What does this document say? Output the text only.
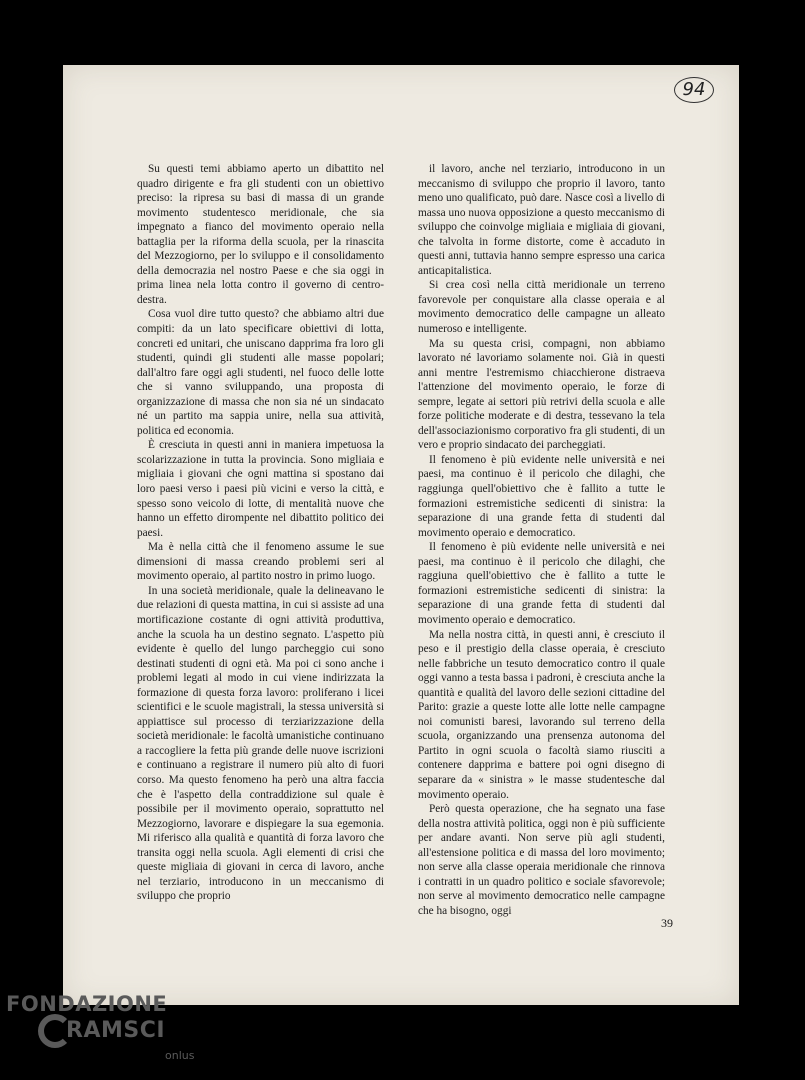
94

Su questi temi abbiamo aperto un dibattito nel quadro dirigente e fra gli studenti con un obiettivo preciso: la ripresa su basi di massa di un grande movimento studentesco meridionale, che sia impegnato a fianco del movimento operaio nella battaglia per la riforma della scuola, per la rinascita del Mezzogiorno, per lo sviluppo e il consolidamento della democrazia nel nostro Paese e che sia oggi in prima linea nela lotta contro il governo di centro-destra.

Cosa vuol dire tutto questo? che abbiamo altri due compiti: da un lato specificare obiettivi di lotta, concreti ed unitari, che uniscano dapprima fra loro gli studenti, quindi gli studenti alle masse popolari; dall'altro fare oggi agli studenti, nel fuoco delle lotte che si vanno sviluppando, una proposta di organizzazione di massa che non sia né un sindacato né un partito ma sappia unire, nella sua attività, politica ed economia.

È cresciuta in questi anni in maniera impetuosa la scolarizzazione in tutta la provincia. Sono migliaia e migliaia i giovani che ogni mattina si spostano dai loro paesi verso i paesi più vicini e verso la città, e spesso sono veicolo di lotte, di mentalità nuove che hanno un effetto dirompente nel dibattito politico dei paesi.

Ma è nella città che il fenomeno assume le sue dimensioni di massa creando problemi seri al movimento operaio, al partito nostro in primo luogo.

In una società meridionale, quale la delineavano le due relazioni di questa mattina, in cui si assiste ad una mortificazione costante di ogni attività produttiva, anche la scuola ha un destino segnato. L'aspetto più evidente è quello del lungo parcheggio cui sono destinati studenti di ogni età. Ma poi ci sono anche i problemi legati al modo in cui viene indirizzata la formazione di questa forza lavoro: proliferano i licei scientifici e le scuole magistrali, la stessa università si appiattisce sul processo di terziarizzazione della società meridionale: le facoltà umanistiche continuano a raccogliere la fetta più grande delle nuove iscrizioni e continuano a registrare il numero più alto di fuori corso. Ma questo fenomeno ha però una altra faccia che è l'aspetto della contraddizione sul quale è possibile per il movimento operaio, soprattutto nel Mezzogiorno, lavorare e dispiegare la sua egemonia. Mi riferisco alla qualità e quantità di forza lavoro che transita oggi nella scuola. Agli elementi di crisi che queste migliaia di giovani in cerca di lavoro, anche nel terziario, introducono in un meccanismo di sviluppo che proprio

il lavoro, anche nel terziario, introducono in un meccanismo di sviluppo che proprio il lavoro, tanto meno uno qualificato, può dare. Nasce così a livello di massa uno nuova opposizione a questo meccanismo di sviluppo che coinvolge migliaia e migliaia di giovani, che talvolta in forme distorte, come è accaduto in questi anni, tuttavia hanno sempre espresso una carica anticapitalistica.

Si crea così nella città meridionale un terreno favorevole per conquistare alla classe operaia e al movimento democratico delle campagne un alleato numeroso e intelligente.

Ma su questa crisi, compagni, non abbiamo lavorato né lavoriamo solamente noi. Già in questi anni mentre l'estremismo chiacchierone distraeva l'attenzione del movimento operaio, le forze di sempre, legate ai settori più retrivi della scuola e alle forze politiche moderate e di destra, tessevano la tela dell'associazionismo corporativo fra gli studenti, di un vero e proprio sindacato dei parcheggiati.

Il fenomeno è più evidente nelle università e nei paesi, ma continuo è il pericolo che dilaghi, che raggiunga quell'obiettivo che è fallito a tutte le formazioni estremistiche sedicenti di sinistra: la separazione di una grande fetta di studenti dal movimento operaio e democratico.

Il fenomeno è più evidente nelle università e nei paesi, ma continuo è il pericolo che dilaghi, che raggiuna quell'obiettivo che è fallito a tutte le formazioni estremistiche sedicenti di sinistra: la separazione di una grande fetta di studenti dal movimento operaio e democratico.

Ma nella nostra città, in questi anni, è cresciuto il peso e il prestigio della classe operaia, è cresciuto nelle fabbriche un tesuto democratico contro il quale oggi vanno a testa bassa i padroni, è cresciuta anche la quantità e qualità del lavoro delle sezioni cittadine del Parito: grazie a queste lotte alle lotte nelle campagne noi comunisti baresi, lavorando sul terreno della scuola, organizzando una prensenza autonoma del Partito in ogni scuola o facoltà siamo riusciti a contenere dapprima e battere poi ogni disegno di separare da « sinistra » le masse studentesche dal movimento operaio.

Però questa operazione, che ha segnato una fase della nostra attività politica, oggi non è più sufficiente per andare avanti. Non serve più agli studenti, all'estensione politica e di massa del loro movimento; non serve alla classe operaia meridionale che rinnova i contratti in un quadro politico e sociale sfavorevole; non serve al movimento democratico nelle campagne che ha bisogno, oggi

39
FONDAZIONE
RAMSCI
onlus
